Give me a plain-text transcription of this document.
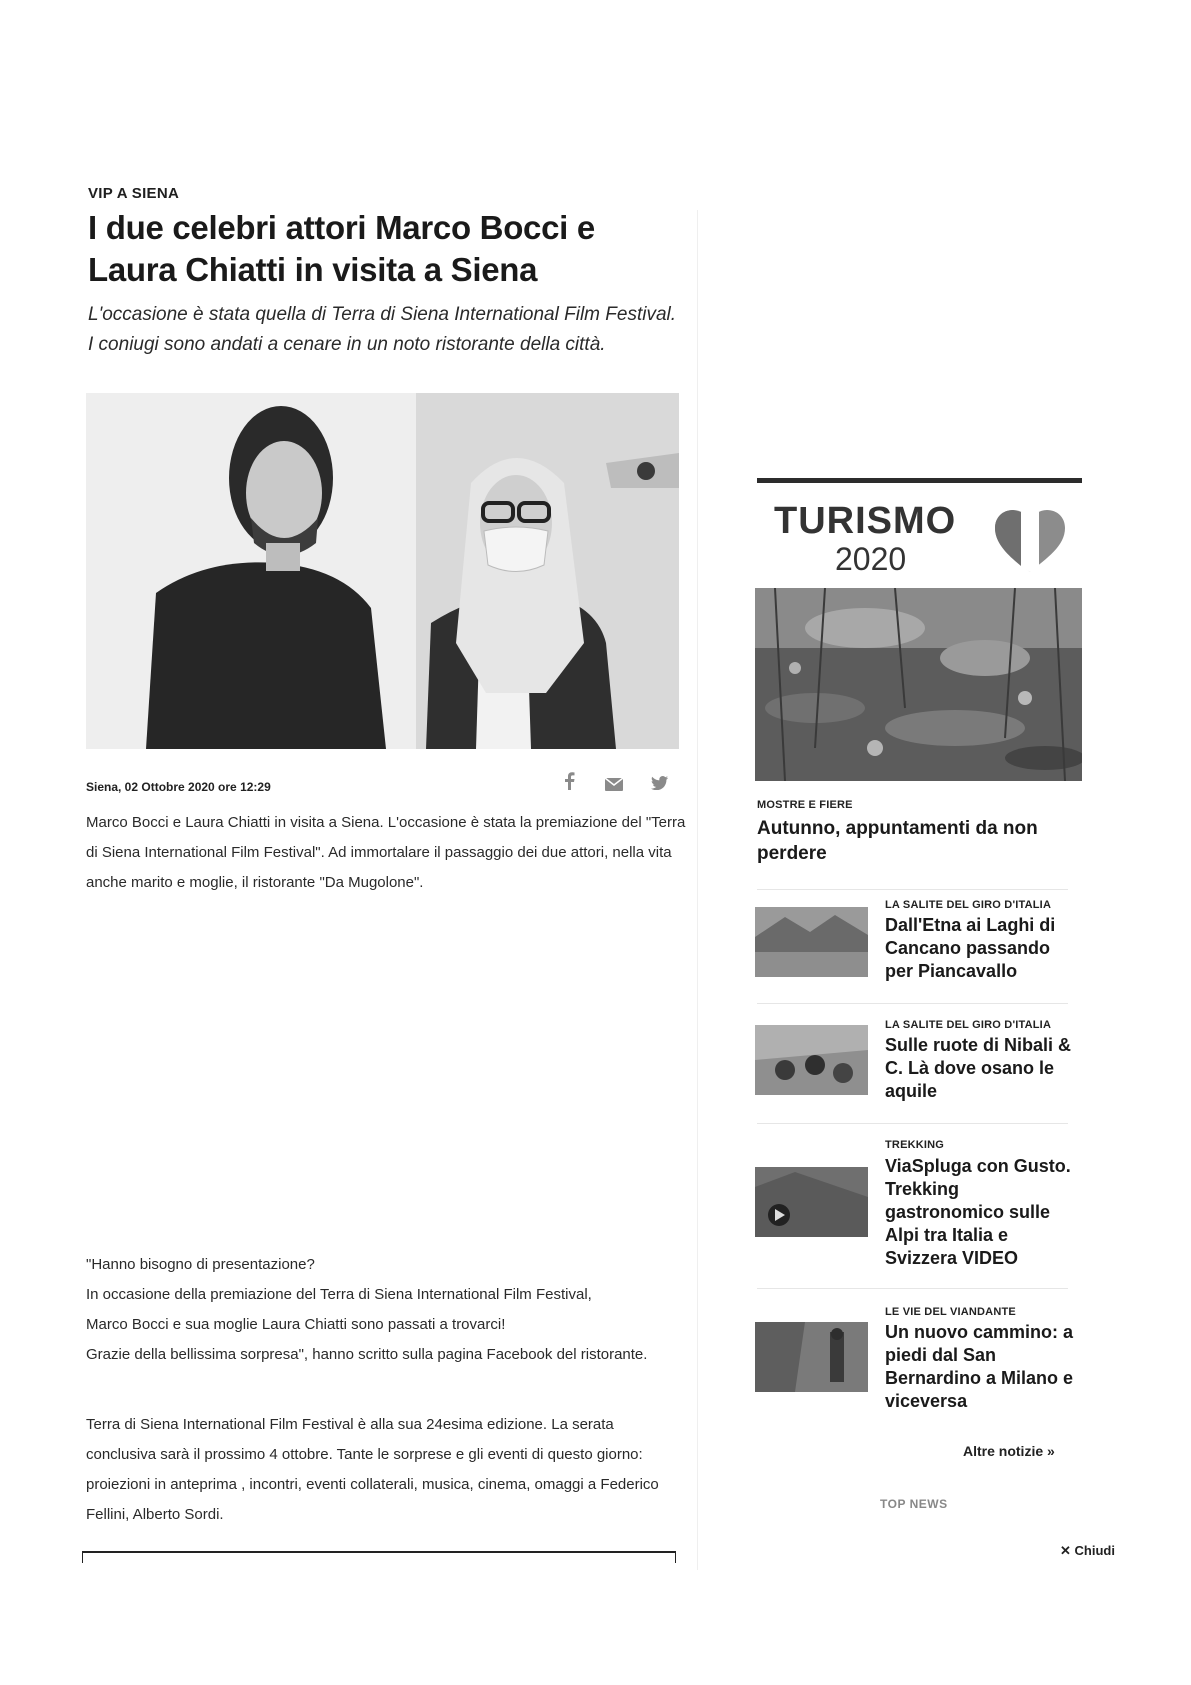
VIP A SIENA
I due celebri attori Marco Bocci e Laura Chiatti in visita a Siena
L'occasione è stata quella di Terra di Siena International Film Festival. I coniugi sono andati a cenare in un noto ristorante della città.
Siena, 02 Ottobre 2020 ore 12:29
Marco Bocci e Laura Chiatti in visita a Siena. L'occasione è stata la premiazione del "Terra di Siena International Film Festival". Ad immortalare il passaggio dei due attori, nella vita anche marito e moglie, il ristorante "Da Mugolone".
"Hanno bisogno di presentazione?
In occasione della premiazione del Terra di Siena International Film Festival,
Marco Bocci e sua moglie Laura Chiatti sono passati a trovarci!
Grazie della bellissima sorpresa", hanno scritto sulla pagina Facebook del ristorante.
Terra di Siena International Film Festival è alla sua 24esima edizione. La serata conclusiva sarà il prossimo 4 ottobre. Tante le sorprese e gli eventi di questo giorno: proiezioni in anteprima , incontri, eventi collaterali, musica, cinema, omaggi a Federico Fellini, Alberto Sordi.
TURISMO
2020
MOSTRE E FIERE
Autunno, appuntamenti da non perdere
LA SALITE DEL GIRO D'ITALIA
Dall'Etna ai Laghi di Cancano passando per Piancavallo
LA SALITE DEL GIRO D'ITALIA
Sulle ruote di Nibali & C. Là dove osano le aquile
TREKKING
ViaSpluga con Gusto. Trekking gastronomico sulle Alpi tra Italia e Svizzera VIDEO
LE VIE DEL VIANDANTE
Un nuovo cammino: a piedi dal San Bernardino a Milano e viceversa
Altre notizie »
TOP NEWS
✕ Chiudi
